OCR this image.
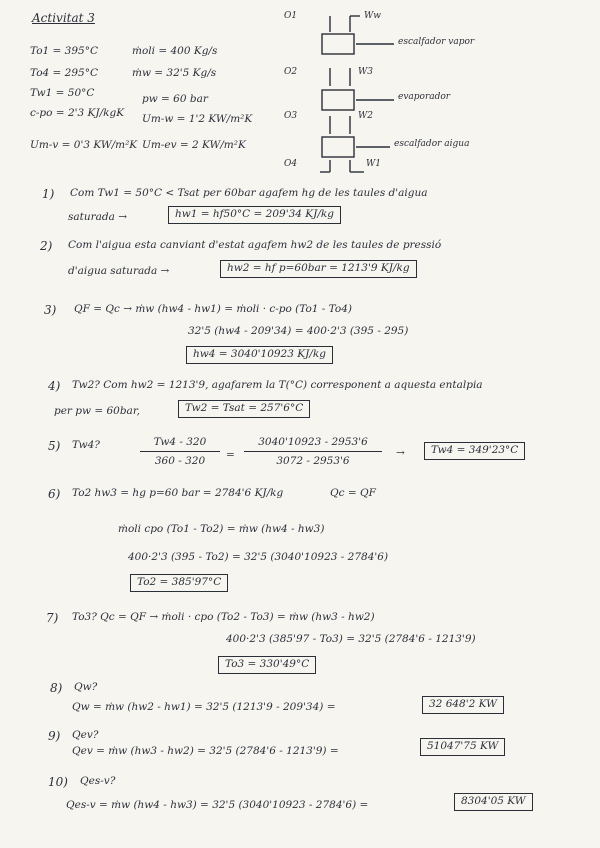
Activitat 3
To1 = 395°C
To4 = 295°C
Tw1 = 50°C
c-po = 2'3 KJ/kgK
Um-v = 0'3 KW/m²K
ṁoli = 400 Kg/s
ṁw = 32'5 Kg/s
pw = 60 bar
Um-w = 1'2 KW/m²K
Um-ev = 2 KW/m²K
O1	Ww
O2	W3
O3	W2
O4	W1
escalfador vapor
evaporador
escalfador aigua
1) Com Tw1 = 50°C < Tsat per 60bar agafem hg de les taules d'aigua
saturada →	hw1 = hf50°C = 209'34 KJ/kg
2) Com l'aigua esta canviant d'estat agafem hw2 de les taules de pressió
d'aigua saturada →	hw2 = hf p=60bar = 1213'9 KJ/kg
3) QF = Qc → ṁw (hw4 - hw1) = ṁoli · c-po (To1 - To4)
32'5 (hw4 - 209'34) = 400·2'3 (395 - 295)
hw4 = 3040'10923 KJ/kg
4) Tw2? Com hw2 = 1213'9, agafarem la T(°C) corresponent a aquesta entalpia
per pw = 60bar,	Tw2 = Tsat = 257'6°C
5) Tw4?	Tw4 - 320
360 - 320	=
3040'10923 - 2953'6
3072 - 2953'6
→	Tw4 = 349'23°C
6) To2 hw3 = hg p=60 bar = 2784'6 KJ/kg	Qc = QF
ṁoli cpo (To1 - To2) = ṁw (hw4 - hw3)
400·2'3 (395 - To2) = 32'5 (3040'10923 - 2784'6)
To2 = 385'97°C
7) To3? Qc = QF → ṁoli · cpo (To2 - To3) = ṁw (hw3 - hw2)
400·2'3 (385'97 - To3) = 32'5 (2784'6 - 1213'9)
To3 = 330'49°C
8) Qw?
Qw = ṁw (hw2 - hw1) = 32'5 (1213'9 - 209'34) =	32 648'2 KW
9) Qev?
Qev = ṁw (hw3 - hw2) = 32'5 (2784'6 - 1213'9) =	51047'75 KW
10) Qes-v?
Qes-v = ṁw (hw4 - hw3) = 32'5 (3040'10923 - 2784'6) =	8304'05 KW
